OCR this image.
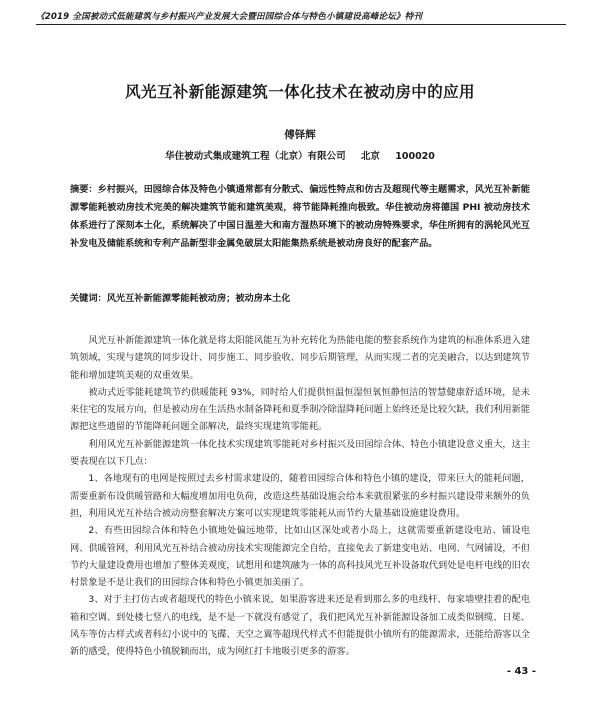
《2019 全国被动式低能建筑与乡村振兴产业发展大会暨田园综合体与特色小镇建设高峰论坛》特刊
风光互补新能源建筑一体化技术在被动房中的应用
傅铎辉
华住被动式集成建筑工程（北京）有限公司 北京 100020
摘要：乡村振兴，田园综合体及特色小镇通常都有分散式、偏远性特点和仿古及超现代等主题需求，风光互补新能源零能耗被动房技术完美的解决建筑节能和建筑美观，将节能降耗推向极致。华住被动房将德国 PHI 被动房技术体系进行了深刻本土化，系统解决了中国日温差大和南方湿热环境下的被动房特殊要求，华住所拥有的涡轮风光互补发电及储能系统和专利产品新型非金属免破层太阳能集热系统是被动房良好的配套产品。
关键词：风光互补新能源零能耗被动房；被动房本土化

风光互补新能源建筑一体化就是将太阳能风能互为补充转化为热能电能的整套系统作为建筑的标准体系进入建筑领域，实现与建筑的同步设计、同步施工、同步验收、同步后期管理，从而实现二者的完美融合，以达到建筑节能和增加建筑美观的双重效果。

被动式近零能耗建筑节约供暖能耗 93%，同时给人们提供恒温恒湿恒氧恒静恒洁的智慧健康舒适环境，是未来住宅的发展方向，但是被动房在生活热水制备降耗和夏季制冷除湿降耗问题上始终还是比较欠缺，我们利用新能源把这些遗留的节能降耗问题全部解决，最终实现建筑零能耗。

利用风光互补新能源建筑一体化技术实现建筑零能耗对乡村振兴及田园综合体、特色小镇建设意义重大，这主要表现在以下几点：

1、各地现有的电网是按照过去乡村需求建设的，随着田园综合体和特色小镇的建设，带来巨大的能耗问题，需要重新布设供暖管路和大幅度增加用电负荷，改造这些基础设施会给本来就很紧张的乡村振兴建设带来额外的负担，利用风光互补结合被动房整套解决方案可以实现建筑零能耗从而节约大量基础设施建设费用。

2、有些田园综合体和特色小镇地处偏远地带，比如山区深处或者小岛上，这就需要重新建设电站、铺设电网、供暖管网，利用风光互补结合被动房技术实现能源完全自给，直接免去了新建变电站、电网、气网铺设，不但节约大量建设费用也增加了整体美观度，试想用和建筑融为一体的高科技风光互补设备取代到处是电杆电线的旧农村景象是不是让我们的田园综合体和特色小镇更加美丽了。

3、对于主打仿古或者超现代的特色小镇来说，如果游客进来还是看到那么多的电线杆、每家墙壁挂着的配电箱和空调、到处楼七竖八的电线，是不是一下就没有感觉了，我们把风光互补新能源设备加工成类似钢缆、日冕、风车等仿古样式或者科幻小说中的飞碟、天空之翼等超现代样式不但能提供小镇所有的能源需求，还能给游客以全新的感受，使得特色小镇脱颖而出，成为网红打卡地吸引更多的游客。

- 43 -
